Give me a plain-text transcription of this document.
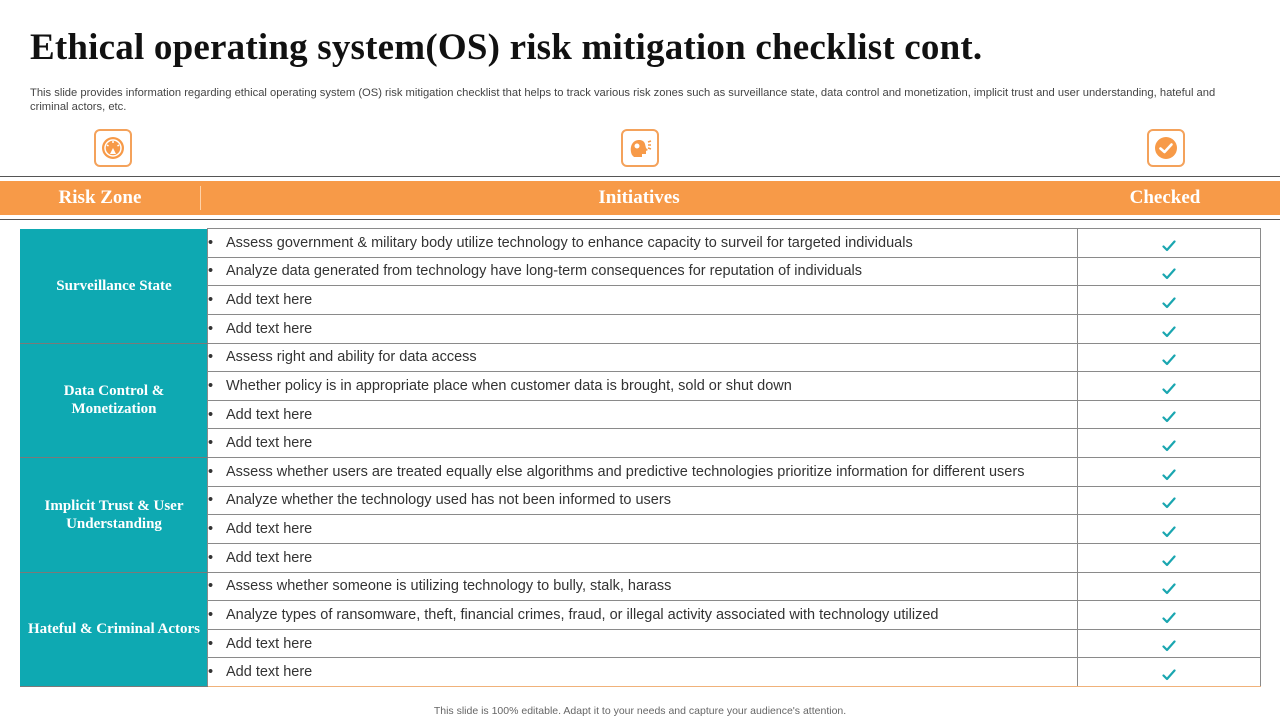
Ethical operating system(OS) risk mitigation checklist cont.
This slide provides information regarding ethical operating system (OS) risk mitigation checklist that helps to track various risk zones such as surveillance state, data control and monetization, implicit trust and user understanding, hateful and criminal actors, etc.
Risk Zone	Initiatives	Checked
Surveillance State	• Assess government & military body utilize technology to enhance capacity to surveil for targeted individuals	
	• Analyze data generated from technology have long-term consequences for reputation of individuals	
	• Add text here	
	• Add text here	
Data Control & Monetization	• Assess right and ability for data access	
	• Whether policy is in appropriate place when customer data is brought, sold or shut down	
	• Add text here	
	• Add text here	
Implicit Trust & User Understanding	• Assess whether users are treated equally else algorithms and predictive technologies prioritize information for different users	
	• Analyze whether the technology used has not been informed to users	
	• Add text here	
	• Add text here	
Hateful & Criminal Actors	• Assess whether someone is utilizing technology to bully, stalk, harass	
	• Analyze types of ransomware, theft, financial crimes, fraud, or illegal activity associated with technology utilized	
	• Add text here	
	• Add text here	
This slide is 100% editable. Adapt it to your needs and capture your audience's attention.
